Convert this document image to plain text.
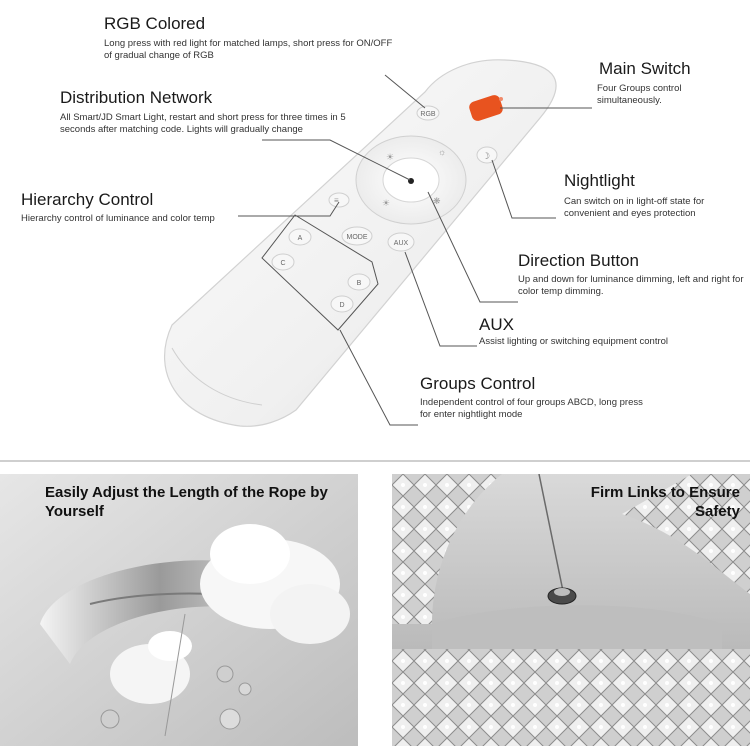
RGB
☀	☼
☀	❋
☽
≡
MODE
AUX
A
C
B
D
RGB Colored
Long press with red light for matched lamps, short press for ON/OFF of gradual change of RGB
Main Switch
Four Groups control simultaneously.
Distribution Network
All Smart/JD Smart Light, restart and short press for three times in 5 seconds after matching code. Lights will gradually change
Nightlight
Can switch on in light-off state for convenient and eyes protection
Hierarchy Control
Hierarchy control of luminance and color temp
Direction Button
Up and down for luminance dimming, left and right for color temp dimming.
AUX
Assist lighting or switching equipment control
Groups Control
Independent control of four groups ABCD, long press for enter nightlight mode
Easily Adjust the Length of the Rope by Yourself
Firm Links to Ensure Safety
